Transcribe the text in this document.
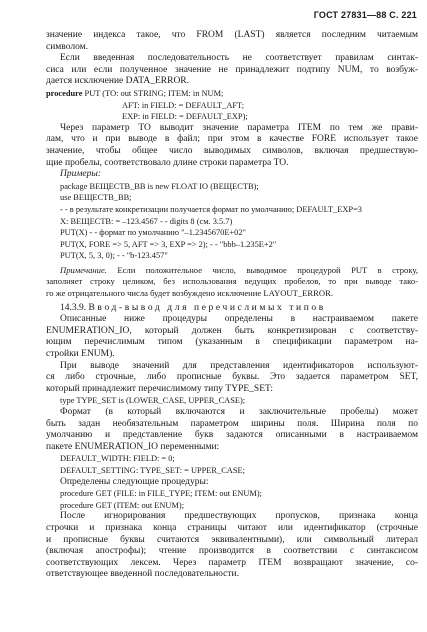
ГОСТ 27831—88 С. 221
значение индекса такое, что FROM (LAST) является последним читаемым
символом.
Если введенная последовательность не соответствует правилам синтак-
сиса или если полученное значение не принадлежит подтипу NUM, то возбуж-
дается исключение DATA_ERROR.
procedure PUT (TO: out STRING; ITEM: in NUM;
AFT: in FIELD: = DEFAULT_AFT;
EXP: in FIELD: = DEFAULT_EXP);
Через параметр TO выводит значение параметра ITEM по тем же прави-
лам, что и при выводе в файл; при этом в качестве FORE использует такое
значение, чтобы общее число выводимых символов, включая предшествую-
щие пробелы, соответствовало длине строки параметра TO.
Примеры:
package ВЕЩЕСТВ_ВВ is new FLOAT IO (ВЕЩЕСТВ);
use ВЕЩЕСТВ_ВВ;
- - в результате конкретизации получается формат по умолчанию; DEFAULT_EXP=3
X: ВЕЩЕСТВ: = –123.4567 - - digits 8 (см. 3.5.7)
PUT(X) - - формат по умолчанию "–1.2345670E+02"
PUT(X, FORE => 5, AFT => 3, EXP => 2); - - "bbb–1.235E+2"
PUT(X, 5, 3, 0); - - "b-123.457"
Примечание. Если положительное число, выводимое процедурой PUT в строку,
заполняет строку целиком, без использования ведущих пробелов, то при выводе тако-
го же отрицательного числа будет возбуждено исключение LAYOUT_ERROR.
14.3.9. Ввод-вывод для перечислимых типов
Описанные ниже процедуры определены в настраиваемом пакете
ENUMERATION_IO, который должен быть конкретизирован с соответству-
ющим перечислимым типом (указанным в спецификации параметром на-
стройки ENUM).
При выводе значений для представления идентификаторов используют-
ся либо строчные, либо прописные буквы. Это задается параметром SET,
который принадлежит перечислимому типу TYPE_SET:
type TYPE_SET is (LOWER_CASE, UPPER_CASE);
Формат (в который включаются и заключительные пробелы) может
быть задан необязательным параметром ширины поля. Ширина поля по
умолчанию и представление букв задаются описанными в настраиваемом
пакете ENUMERATION_IO переменными:
DEFAULT_WIDTH: FIELD: = 0;
DEFAULT_SETTING: TYPE_SET: = UPPER_CASE;
Определены следующие процедуры:
procedure GET (FILE: in FILE_TYPE; ITEM: out ENUM);
procedure GET (ITEM: out ENUM);
После игнорирования предшествующих пропусков, признака конца
строчки и признака конца страницы читают или идентификатор (строчные
и прописные буквы считаются эквивалентными), или символьный литерал
(включая апострофы); чтение производится в соответствии с синтаксисом
соответствующих лексем. Через параметр ITEM возвращают значение, со-
ответствующее введенной последовательности.
